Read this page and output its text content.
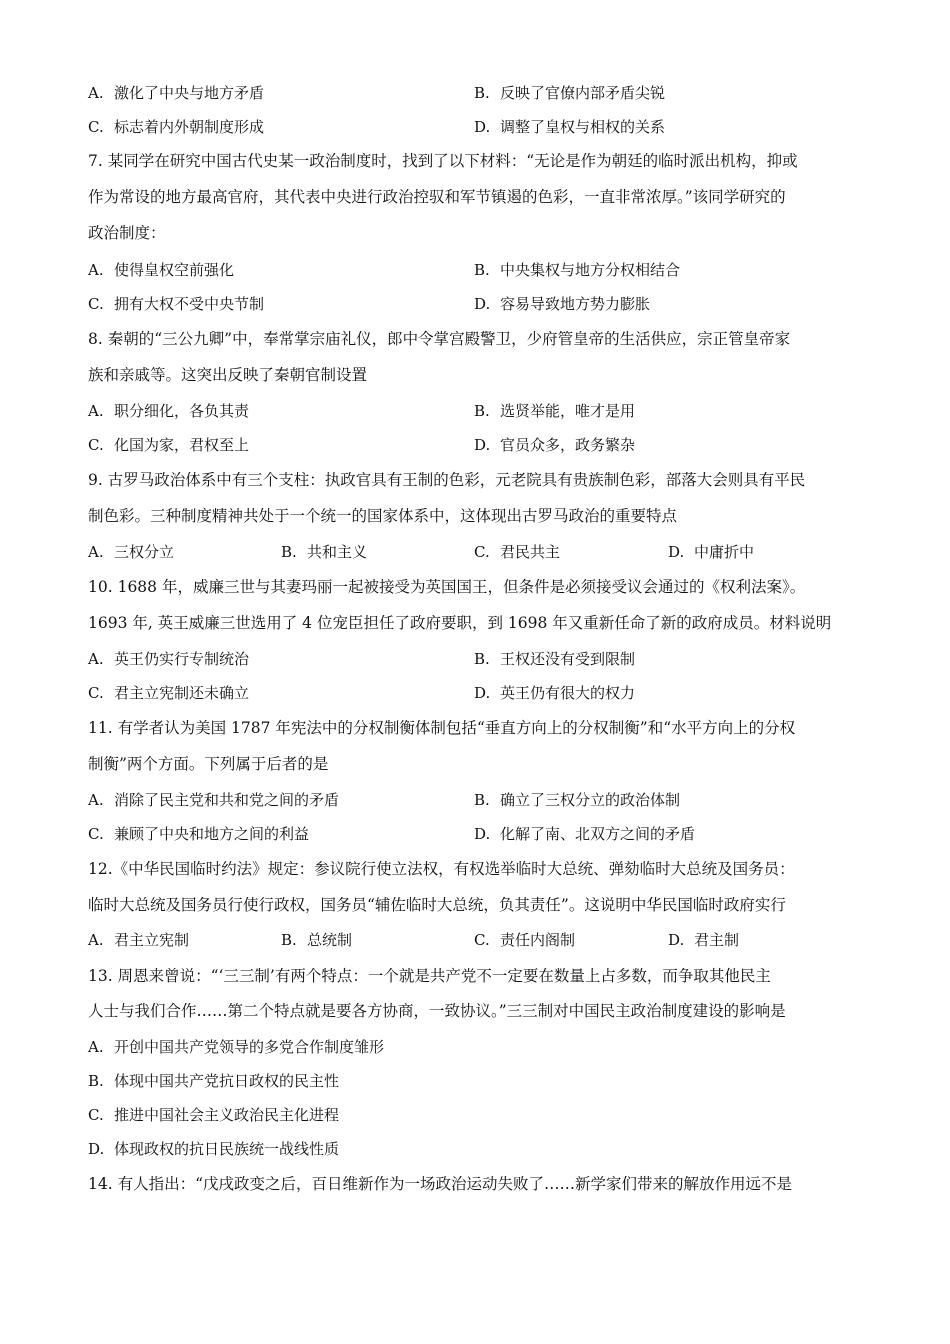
A. 激化了中央与地方矛盾	B. 反映了官僚内部矛盾尖锐
C. 标志着内外朝制度形成	D. 调整了皇权与相权的关系
7. 某同学在研究中国古代史某一政治制度时，找到了以下材料：“无论是作为朝廷的临时派出机构，抑或
作为常设的地方最高官府，其代表中央进行政治控驭和军节镇遏的色彩，一直非常浓厚。”该同学研究的
政治制度：
A. 使得皇权空前强化	B. 中央集权与地方分权相结合
C. 拥有大权不受中央节制	D. 容易导致地方势力膨胀
8. 秦朝的“三公九卿”中，奉常掌宗庙礼仪，郎中令掌宫殿警卫，少府管皇帝的生活供应，宗正管皇帝家
族和亲戚等。这突出反映了秦朝官制设置
A. 职分细化，各负其责	B. 选贤举能，唯才是用
C. 化国为家，君权至上	D. 官员众多，政务繁杂
9. 古罗马政治体系中有三个支柱：执政官具有王制的色彩，元老院具有贵族制色彩，部落大会则具有平民
制色彩。三种制度精神共处于一个统一的国家体系中，这体现出古罗马政治的重要特点
A. 三权分立	B. 共和主义	C. 君民共主	D. 中庸折中
10. 1688 年，威廉三世与其妻玛丽一起被接受为英国国王，但条件是必须接受议会通过的《权利法案》。
1693 年, 英王威廉三世选用了 4 位宠臣担任了政府要职，到 1698 年又重新任命了新的政府成员。材料说明
A. 英王仍实行专制统治	B. 王权还没有受到限制
C. 君主立宪制还未确立	D. 英王仍有很大的权力
11. 有学者认为美国 1787 年宪法中的分权制衡体制包括“垂直方向上的分权制衡”和“水平方向上的分权
制衡”两个方面。下列属于后者的是
A. 消除了民主党和共和党之间的矛盾	B. 确立了三权分立的政治体制
C. 兼顾了中央和地方之间的利益	D. 化解了南、北双方之间的矛盾
12.《中华民国临时约法》规定：参议院行使立法权，有权选举临时大总统、弹劾临时大总统及国务员：
临时大总统及国务员行使行政权，国务员“辅佐临时大总统，负其责任”。这说明中华民国临时政府实行
A. 君主立宪制	B. 总统制	C. 责任内阁制	D. 君主制
13. 周恩来曾说：“‘三三制’有两个特点：一个就是共产党不一定要在数量上占多数，而争取其他民主
人士与我们合作……第二个特点就是要各方协商，一致协议。”三三制对中国民主政治制度建设的影响是
A. 开创中国共产党领导的多党合作制度雏形
B. 体现中国共产党抗日政权的民主性
C. 推进中国社会主义政治民主化进程
D. 体现政权的抗日民族统一战线性质
14. 有人指出：“戊戌政变之后，百日维新作为一场政治运动失败了……新学家们带来的解放作用远不是
